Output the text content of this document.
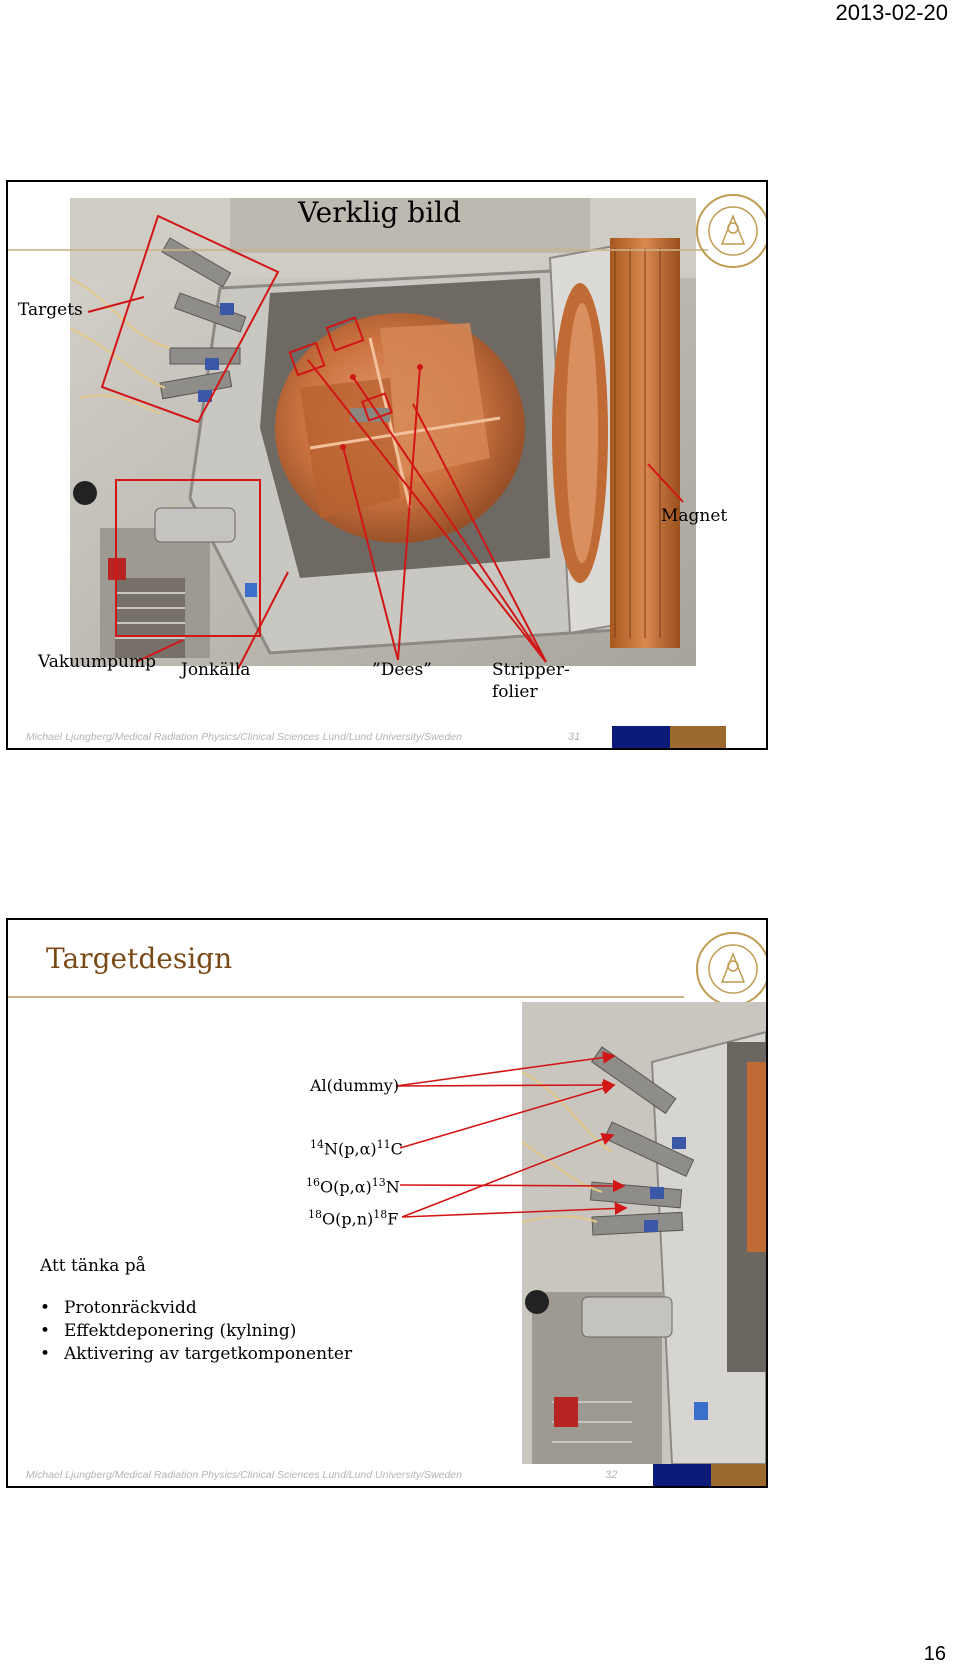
2013-02-20
Verklig bild
Targets
Magnet
Vakuumpump Jonkälla	”Dees”	Stripper-
folier
Michael Ljungberg/Medical Radiation Physics/Clinical Sciences Lund/Lund University/Sweden	31
Targetdesign
Al(dummy)
$^{14}N(p,\alpha)^{11}C$
$^{16}O(p,\alpha)^{13}N$
$^{18}O(p,n)^{18}F$
Att tänka på
• Protonräckvidd
• Effektdeponering (kylning)
• Aktivering av targetkomponenter
Michael Ljungberg/Medical Radiation Physics/Clinical Sciences Lund/Lund University/Sweden	32
16
